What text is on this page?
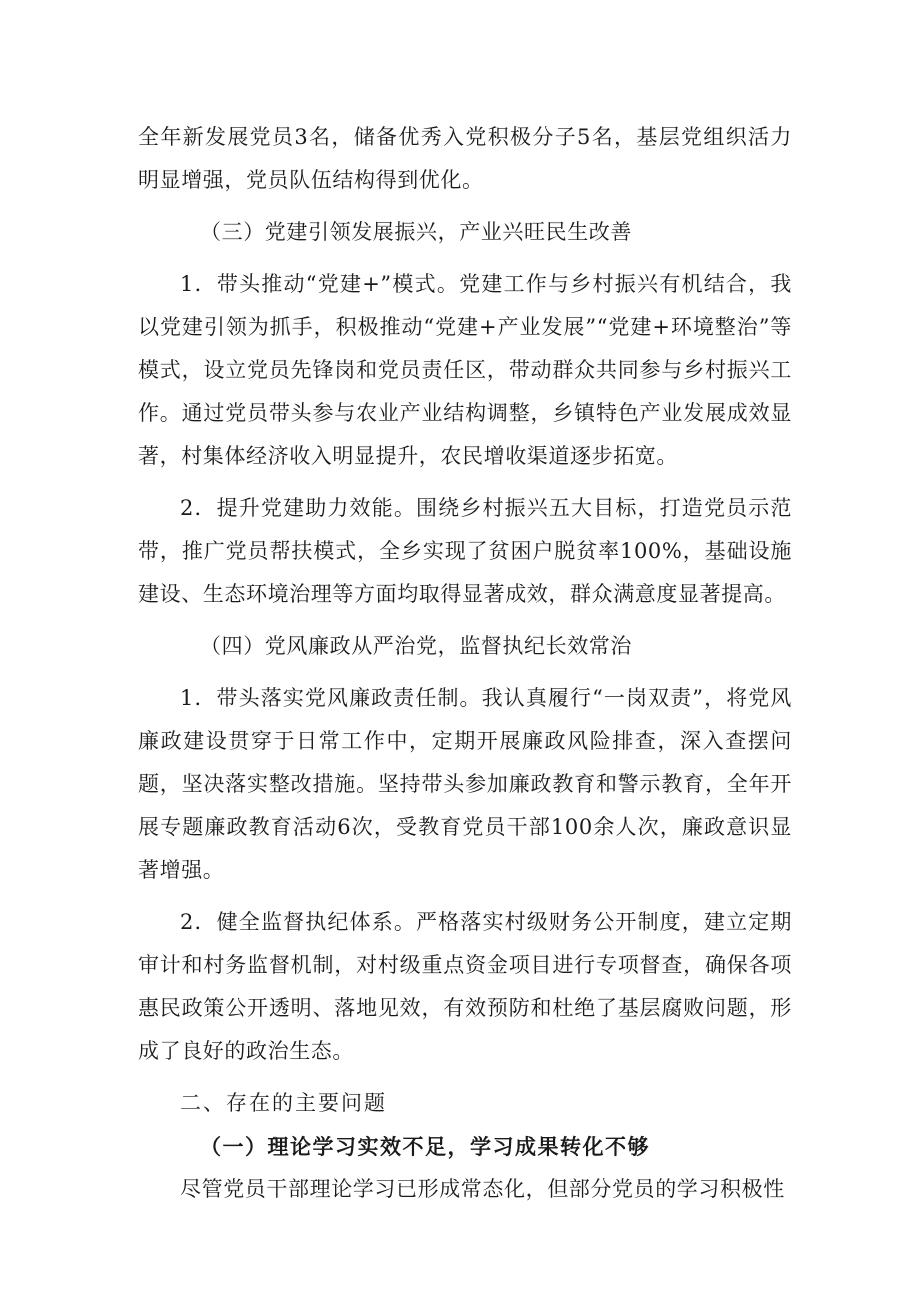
全年新发展党员3名，储备优秀入党积极分子5名，基层党组织活力明显增强，党员队伍结构得到优化。

（三）党建引领发展振兴，产业兴旺民生改善

1．带头推动“党建+”模式。党建工作与乡村振兴有机结合，我以党建引领为抓手，积极推动“党建+产业发展”“党建+环境整治”等模式，设立党员先锋岗和党员责任区，带动群众共同参与乡村振兴工作。通过党员带头参与农业产业结构调整，乡镇特色产业发展成效显著，村集体经济收入明显提升，农民增收渠道逐步拓宽。

2．提升党建助力效能。围绕乡村振兴五大目标，打造党员示范带，推广党员帮扶模式，全乡实现了贫困户脱贫率100%，基础设施建设、生态环境治理等方面均取得显著成效，群众满意度显著提高。

（四）党风廉政从严治党，监督执纪长效常治

1．带头落实党风廉政责任制。我认真履行“一岗双责”，将党风廉政建设贯穿于日常工作中，定期开展廉政风险排查，深入查摆问题，坚决落实整改措施。坚持带头参加廉政教育和警示教育，全年开展专题廉政教育活动6次，受教育党员干部100余人次，廉政意识显著增强。

2．健全监督执纪体系。严格落实村级财务公开制度，建立定期审计和村务监督机制，对村级重点资金项目进行专项督查，确保各项惠民政策公开透明、落地见效，有效预防和杜绝了基层腐败问题，形成了良好的政治生态。

二、存在的主要问题

（一）理论学习实效不足，学习成果转化不够

尽管党员干部理论学习已形成常态化，但部分党员的学习积极性
